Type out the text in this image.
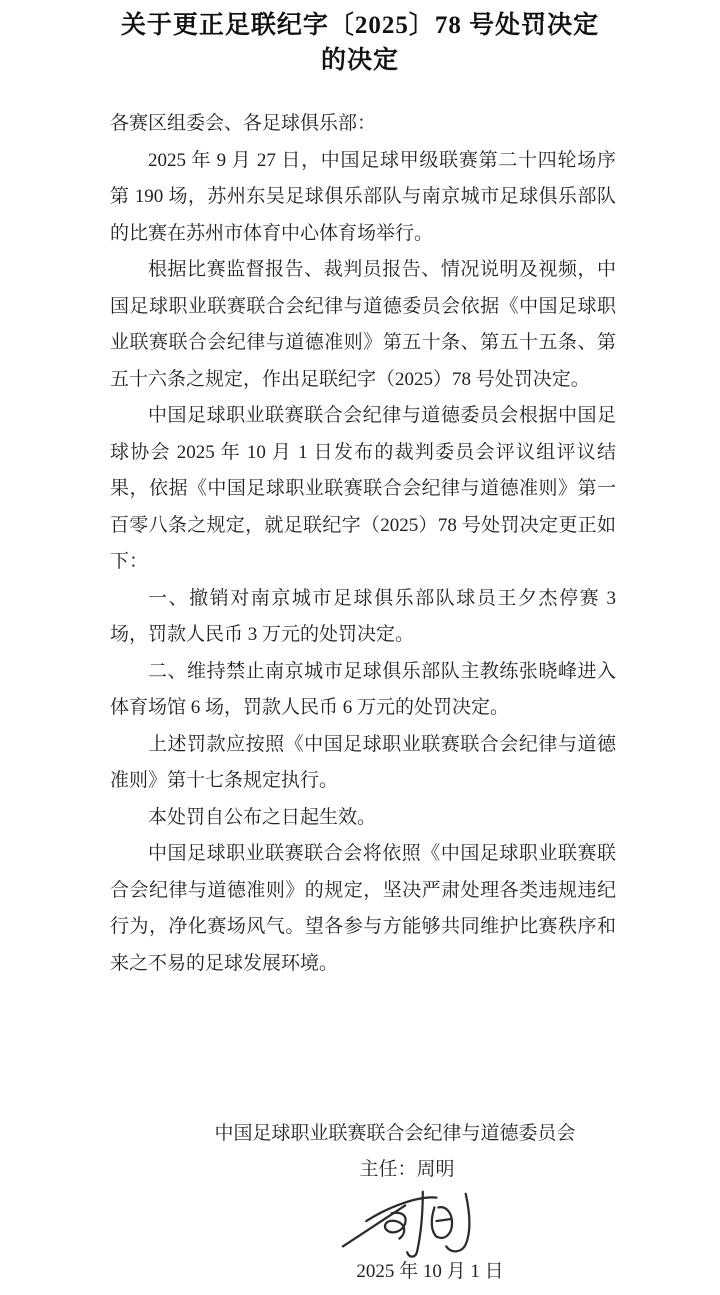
关于更正足联纪字〔2025〕78 号处罚决定
的决定

各赛区组委会、各足球俱乐部：

2025 年 9 月 27 日，中国足球甲级联赛第二十四轮场序第 190 场，苏州东吴足球俱乐部队与南京城市足球俱乐部队的比赛在苏州市体育中心体育场举行。

根据比赛监督报告、裁判员报告、情况说明及视频，中国足球职业联赛联合会纪律与道德委员会依据《中国足球职业联赛联合会纪律与道德准则》第五十条、第五十五条、第五十六条之规定，作出足联纪字（2025）78 号处罚决定。

中国足球职业联赛联合会纪律与道德委员会根据中国足球协会 2025 年 10 月 1 日发布的裁判委员会评议组评议结果，依据《中国足球职业联赛联合会纪律与道德准则》第一百零八条之规定，就足联纪字（2025）78 号处罚决定更正如下：

一、撤销对南京城市足球俱乐部队球员王夕杰停赛 3 场，罚款人民币 3 万元的处罚决定。

二、维持禁止南京城市足球俱乐部队主教练张晓峰进入体育场馆 6 场，罚款人民币 6 万元的处罚决定。

上述罚款应按照《中国足球职业联赛联合会纪律与道德准则》第十七条规定执行。

本处罚自公布之日起生效。

中国足球职业联赛联合会将依照《中国足球职业联赛联合会纪律与道德准则》的规定，坚决严肃处理各类违规违纪行为，净化赛场风气。望各参与方能够共同维护比赛秩序和来之不易的足球发展环境。

中国足球职业联赛联合会纪律与道德委员会
主任：周明
2025 年 10 月 1 日
